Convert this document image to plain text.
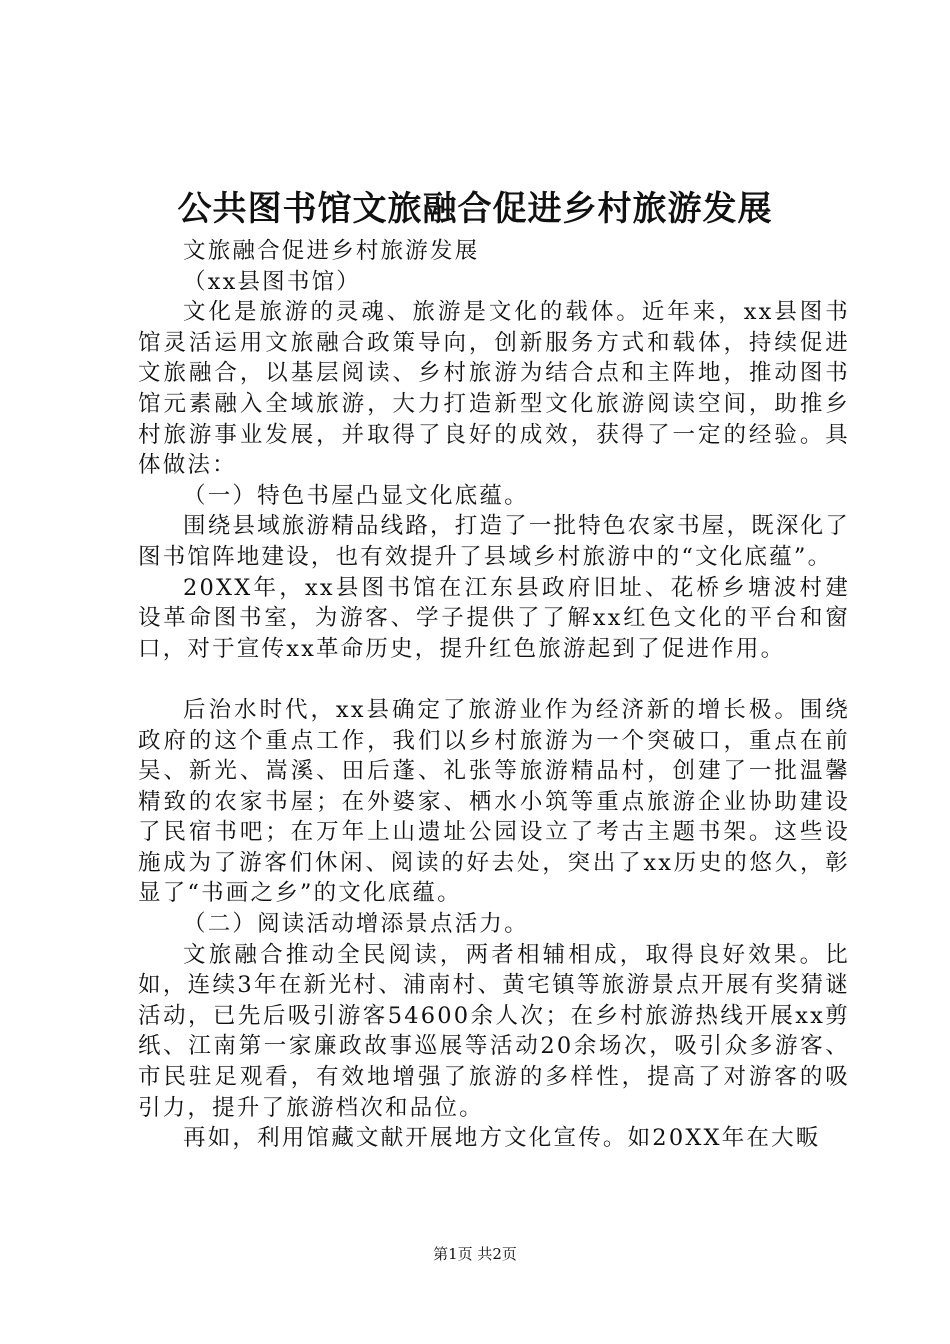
公共图书馆文旅融合促进乡村旅游发展

文旅融合促进乡村旅游发展

（xx县图书馆）

文化是旅游的灵魂、旅游是文化的载体。近年来，xx县图书馆灵活运用文旅融合政策导向，创新服务方式和载体，持续促进文旅融合，以基层阅读、乡村旅游为结合点和主阵地，推动图书馆元素融入全域旅游，大力打造新型文化旅游阅读空间，助推乡村旅游事业发展，并取得了良好的成效，获得了一定的经验。具体做法：

（一）特色书屋凸显文化底蕴。

围绕县域旅游精品线路，打造了一批特色农家书屋，既深化了图书馆阵地建设，也有效提升了县域乡村旅游中的“文化底蕴”。

20XX年，xx县图书馆在江东县政府旧址、花桥乡塘波村建设革命图书室，为游客、学子提供了了解xx红色文化的平台和窗口，对于宣传xx革命历史，提升红色旅游起到了促进作用。

后治水时代，xx县确定了旅游业作为经济新的增长极。围绕政府的这个重点工作，我们以乡村旅游为一个突破口，重点在前吴、新光、嵩溪、田后蓬、礼张等旅游精品村，创建了一批温馨精致的农家书屋；在外婆家、栖水小筑等重点旅游企业协助建设了民宿书吧；在万年上山遗址公园设立了考古主题书架。这些设施成为了游客们休闲、阅读的好去处，突出了xx历史的悠久，彰显了“书画之乡”的文化底蕴。

（二）阅读活动增添景点活力。

文旅融合推动全民阅读，两者相辅相成，取得良好效果。比如，连续3年在新光村、浦南村、黄宅镇等旅游景点开展有奖猜谜活动，已先后吸引游客54600余人次；在乡村旅游热线开展xx剪纸、江南第一家廉政故事巡展等活动20余场次，吸引众多游客、市民驻足观看，有效地增强了旅游的多样性，提高了对游客的吸引力，提升了旅游档次和品位。

再如，利用馆藏文献开展地方文化宣传。如20XX年在大畈

第1页 共2页
